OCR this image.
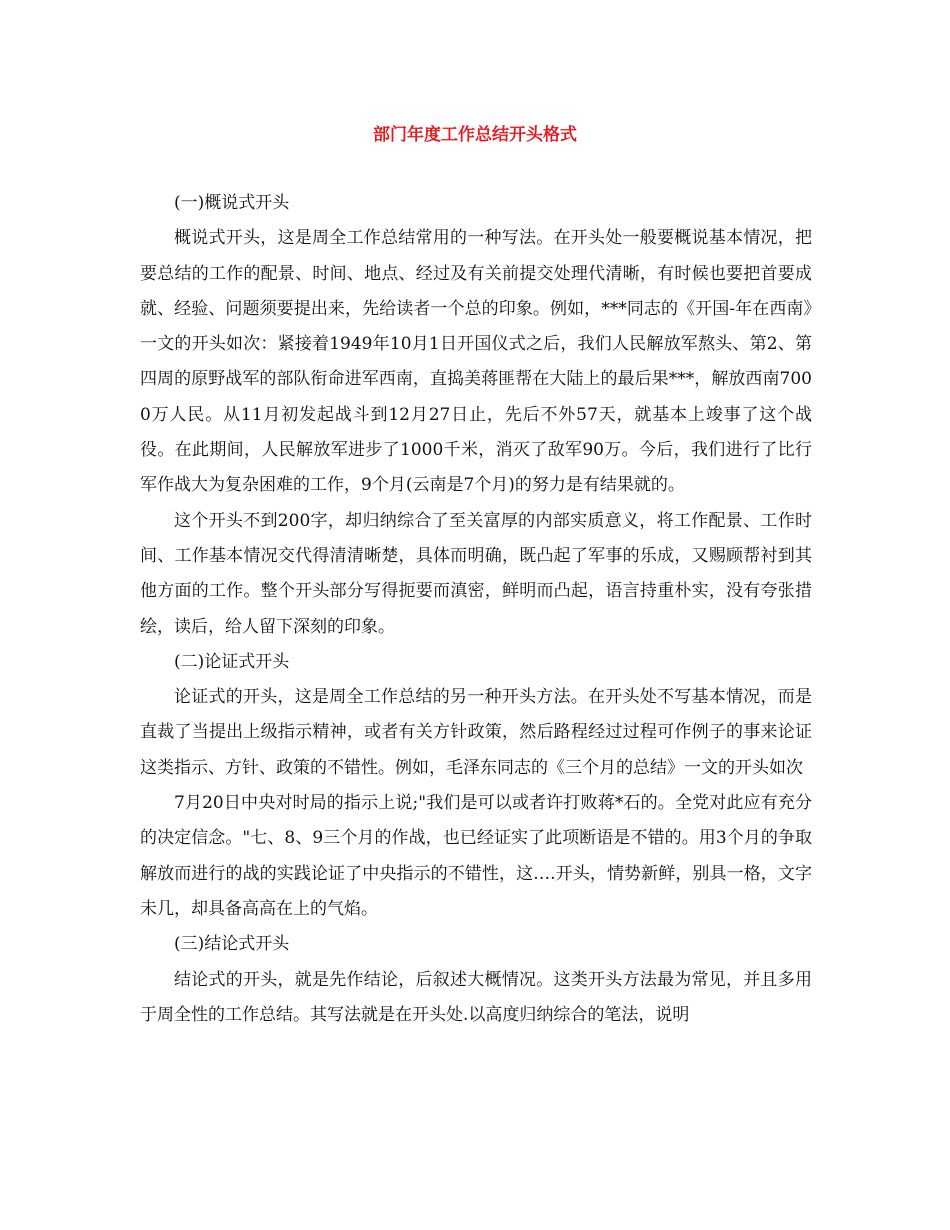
部门年度工作总结开头格式

(一)概说式开头

概说式开头，这是周全工作总结常用的一种写法。在开头处一般要概说基本情况，把要总结的工作的配景、时间、地点、经过及有关前提交处理代清晰，有时候也要把首要成就、经验、问题须要提出来，先给读者一个总的印象。例如，***同志的《开国-年在西南》一文的开头如次：紧接着1949年10月1日开国仪式之后，我们人民解放军熬头、第2、第四周的原野战军的部队衔命进军西南，直捣美蒋匪帮在大陆上的最后果***，解放西南7000万人民。从11月初发起战斗到12月27日止，先后不外57天，就基本上竣事了这个战役。在此期间，人民解放军进步了1000千米，消灭了敌军90万。今后，我们进行了比行军作战大为复杂困难的工作，9个月(云南是7个月)的努力是有结果就的。

这个开头不到200字，却归纳综合了至关富厚的内部实质意义，将工作配景、工作时间、工作基本情况交代得清清晰楚，具体而明确，既凸起了军事的乐成，又赐顾帮衬到其他方面的工作。整个开头部分写得扼要而滇密，鲜明而凸起，语言持重朴实，没有夸张措绘，读后，给人留下深刻的印象。

(二)论证式开头

论证式的开头，这是周全工作总结的另一种开头方法。在开头处不写基本情况，而是直裁了当提出上级指示精神，或者有关方针政策，然后路程经过过程可作例子的事来论证这类指示、方针、政策的不错性。例如，毛泽东同志的《三个月的总结》一文的开头如次

7月20日中央对时局的指示上说;"我们是可以或者许打败蒋*石的。全党对此应有充分的决定信念。"七、8、9三个月的作战，也已经证实了此项断语是不错的。用3个月的争取解放而进行的战的实践论证了中央指示的不错性，这….开头，情势新鲜，别具一格，文字未几，却具备高高在上的气焰。

(三)结论式开头

结论式的开头，就是先作结论，后叙述大概情况。这类开头方法最为常见，并且多用于周全性的工作总结。其写法就是在开头处.以高度归纳综合的笔法，说明
